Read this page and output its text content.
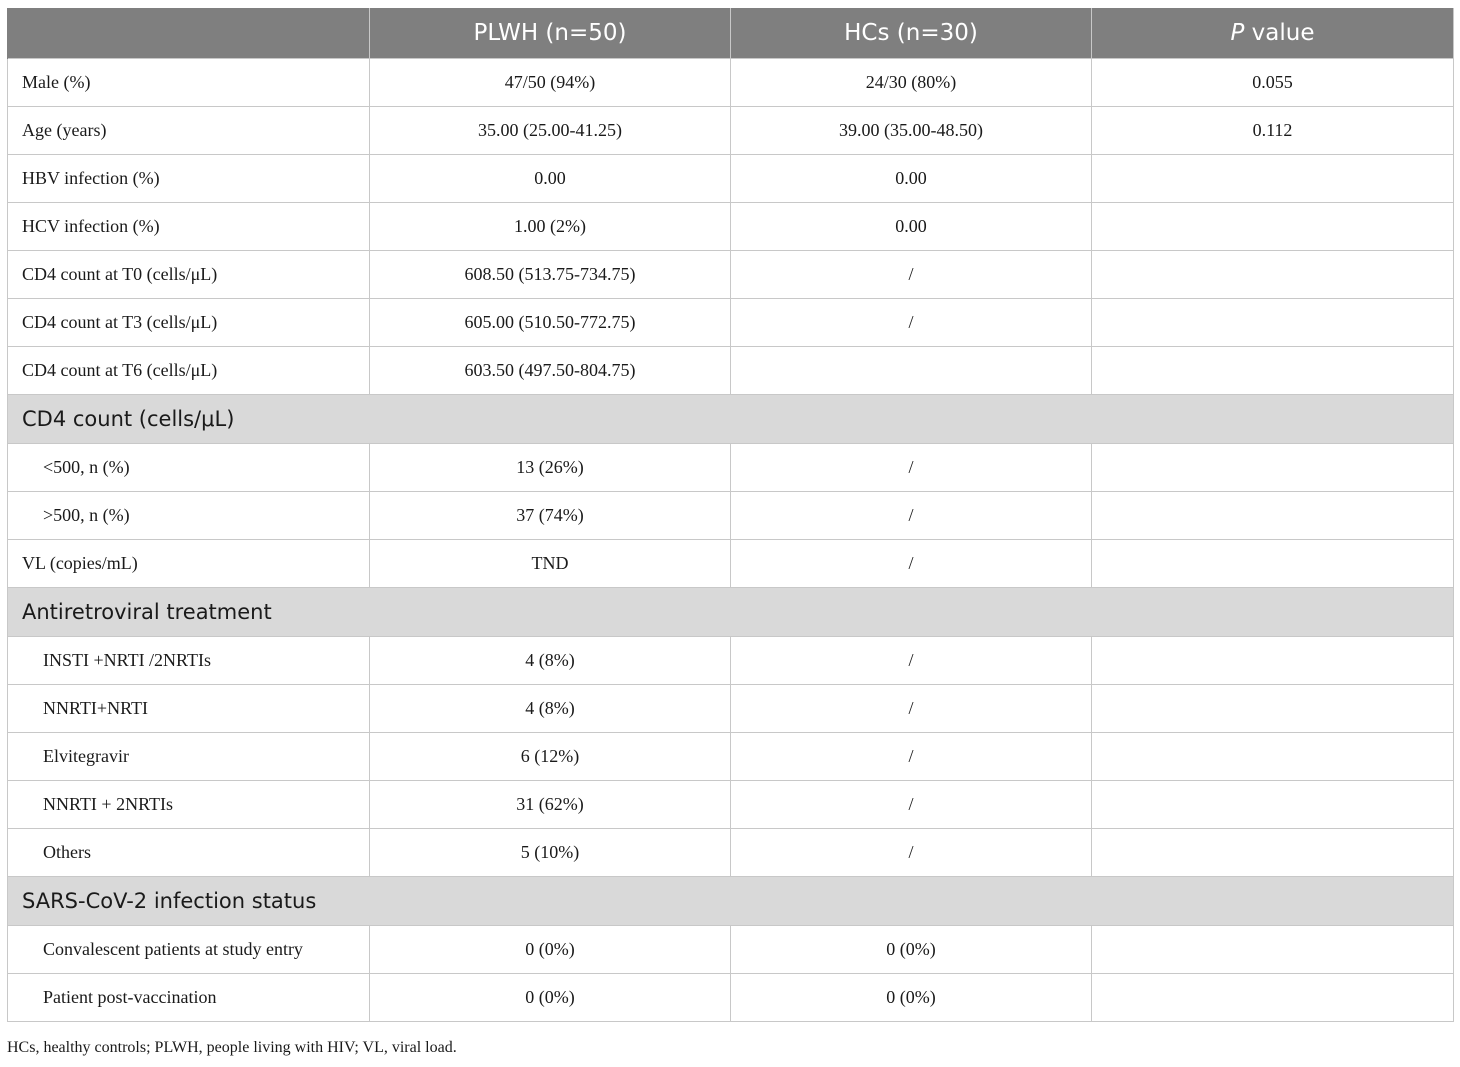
	PLWH (n=50)	HCs (n=30)	P value
Male (%)	47/50 (94%)	24/30 (80%)	0.055
Age (years)	35.00 (25.00-41.25)	39.00 (35.00-48.50)	0.112
HBV infection (%)	0.00	0.00	
HCV infection (%)	1.00 (2%)	0.00	
CD4 count at T0 (cells/μL)	608.50 (513.75-734.75)	/	
CD4 count at T3 (cells/μL)	605.00 (510.50-772.75)	/	
CD4 count at T6 (cells/μL)	603.50 (497.50-804.75)		
CD4 count (cells/μL)			
<500, n (%)	13 (26%)	/	
>500, n (%)	37 (74%)	/	
VL (copies/mL)	TND	/	
Antiretroviral treatment			
INSTI +NRTI /2NRTIs	4 (8%)	/	
NNRTI+NRTI	4 (8%)	/	
Elvitegravir	6 (12%)	/	
NNRTI + 2NRTIs	31 (62%)	/	
Others	5 (10%)	/	
SARS-CoV-2 infection status			
Convalescent patients at study entry	0 (0%)	0 (0%)	
Patient post-vaccination	0 (0%)	0 (0%)	
HCs, healthy controls; PLWH, people living with HIV; VL, viral load.
